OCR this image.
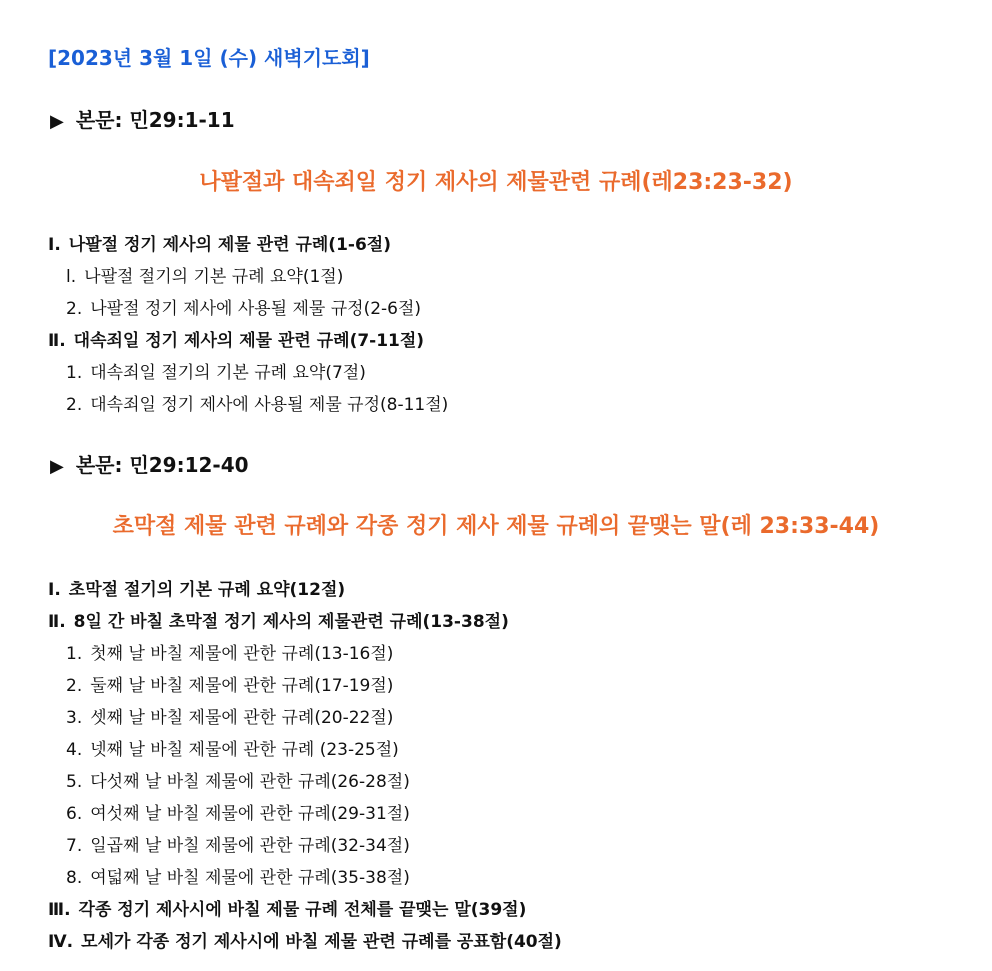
[2023년 3월 1일 (수) 새벽기도회]
▶ 본문: 민29:1-11
나팔절과 대속죄일 정기 제사의 제물관련 규례(레23:23-32)
Ⅰ. 나팔절 정기 제사의 제물 관련 규례(1-6절)
l. 나팔절 절기의 기본 규례 요약(1절)
2. 나팔절 정기 제사에 사용될 제물 규정(2-6절)
Ⅱ. 대속죄일 정기 제사의 제물 관련 규례(7-11절)
1. 대속죄일 절기의 기본 규례 요약(7절)
2. 대속죄일 정기 제사에 사용될 제물 규정(8-11절)
▶ 본문: 민29:12-40
초막절 제물 관련 규례와 각종 정기 제사 제물 규례의 끝맺는 말(레 23:33-44)
Ⅰ. 초막절 절기의 기본 규례 요약(12절)
Ⅱ. 8일 간 바칠 초막절 정기 제사의 제물관련 규례(13-38절)
1. 첫째 날 바칠 제물에 관한 규례(13-16절)
2. 둘째 날 바칠 제물에 관한 규례(17-19절)
3. 셋째 날 바칠 제물에 관한 규례(20-22절)
4. 넷째 날 바칠 제물에 관한 규례 (23-25절)
5. 다섯째 날 바칠 제물에 관한 규례(26-28절)
6. 여섯째 날 바칠 제물에 관한 규례(29-31절)
7. 일곱째 날 바칠 제물에 관한 규례(32-34절)
8. 여덟째 날 바칠 제물에 관한 규례(35-38절)
Ⅲ. 각종 정기 제사시에 바칠 제물 규례 전체를 끝맺는 말(39절)
Ⅳ. 모세가 각종 정기 제사시에 바칠 제물 관련 규례를 공표함(40절)
